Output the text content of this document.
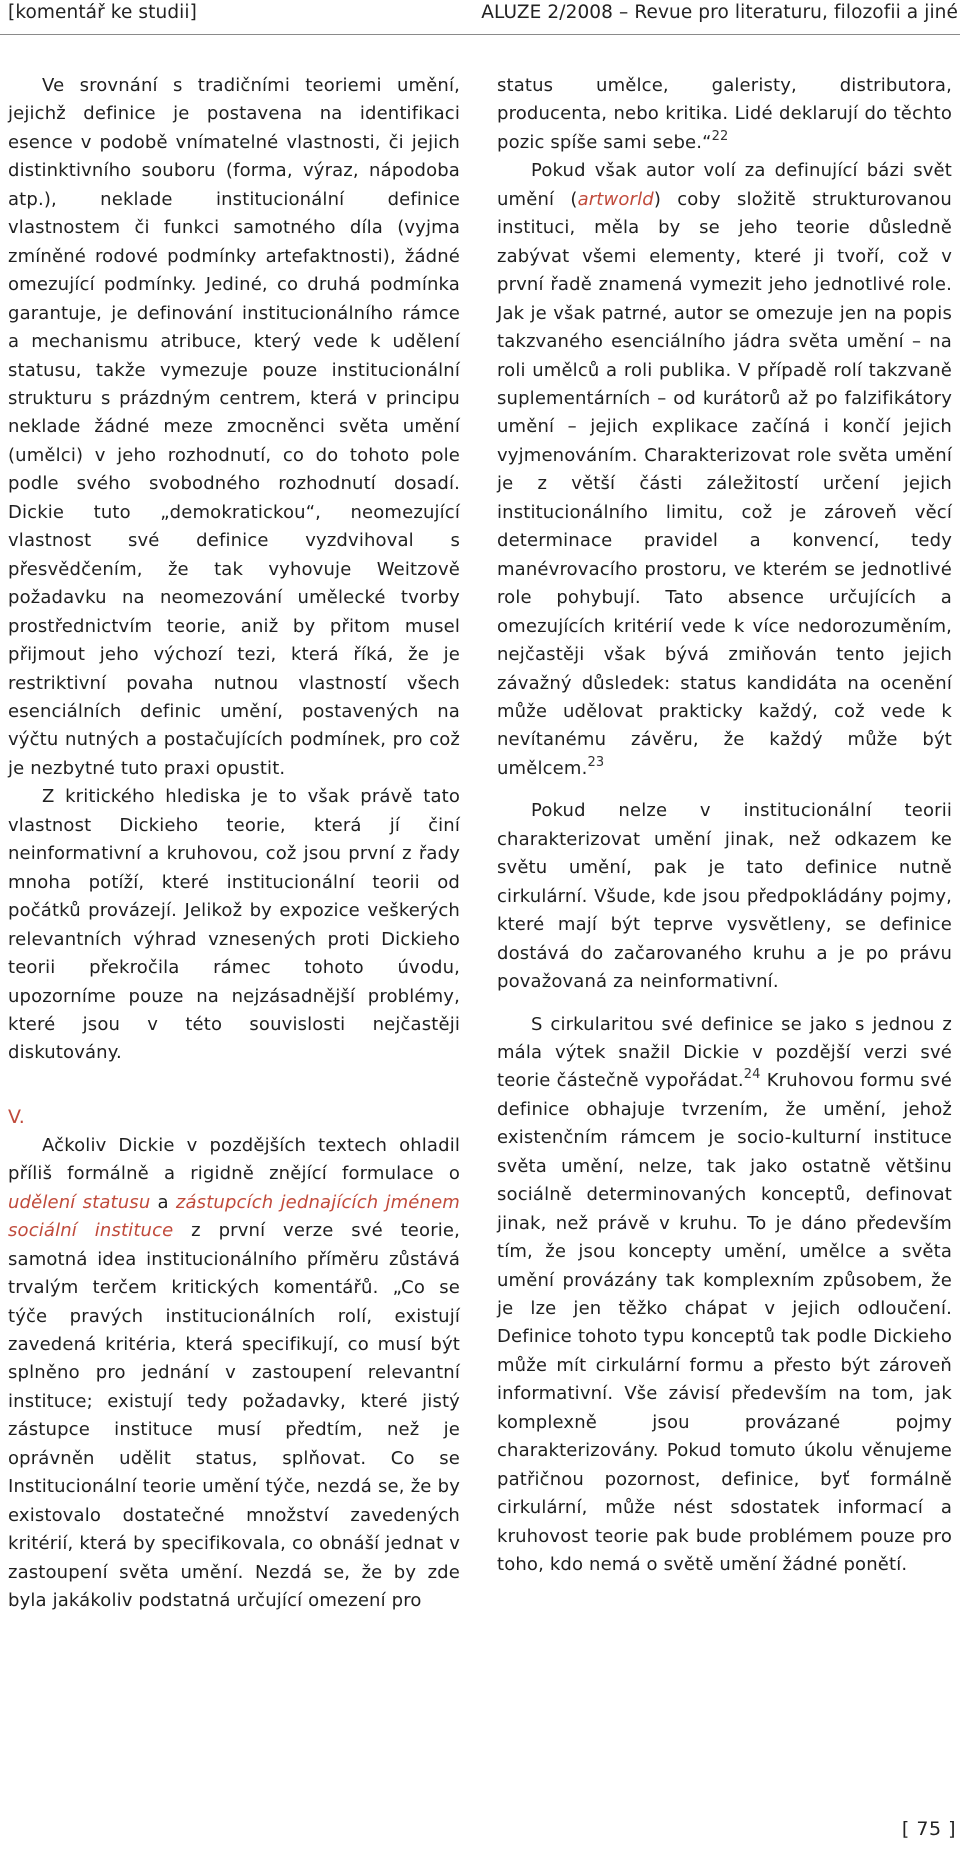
[komentář ke studii]	ALUZE 2/2008 – Revue pro literaturu, filozofii a jiné

Ve srovnání s tradičními teoriemi umění, jejichž definice je postavena na identifikaci esence v podobě vnímatelné vlastnosti, či jejich distinktivního souboru (forma, výraz, nápodoba atp.), neklade institucionální definice vlastnostem či funkci samotného díla (vyjma zmíněné rodové podmínky artefaktnosti), žádné omezující podmínky. Jediné, co druhá podmínka garantuje, je definování institucionálního rámce a mechanismu atribuce, který vede k udělení statusu, takže vymezuje pouze institucionální strukturu s prázdným centrem, která v principu neklade žádné meze zmocněnci světa umění (umělci) v jeho rozhodnutí, co do tohoto pole podle svého svobodného rozhodnutí dosadí. Dickie tuto „demokratickou“, neomezující vlastnost své definice vyzdvihoval s přesvědčením, že tak vyhovuje Weitzově požadavku na neomezování umělecké tvorby prostřednictvím teorie, aniž by přitom musel přijmout jeho výchozí tezi, která říká, že je restriktivní povaha nutnou vlastností všech esenciálních definic umění, postavených na výčtu nutných a postačujících podmínek, pro což je nezbytné tuto praxi opustit.

Z kritického hlediska je to však právě tato vlastnost Dickieho teorie, která jí činí neinformativní a kruhovou, což jsou první z řady mnoha potíží, které institucionální teorii od počátků provázejí. Jelikož by expozice veškerých relevantních výhrad vznesených proti Dickieho teorii překročila rámec tohoto úvodu, upozorníme pouze na nejzásadnější problémy, které jsou v této souvislosti nejčastěji diskutovány.

V.

Ačkoliv Dickie v pozdějších textech ohladil příliš formálně a rigidně znějící formulace o udělení statusu a zástupcích jednajících jménem sociální instituce z první verze své teorie, samotná idea institucionálního příměru zůstává trvalým terčem kritických komentářů. „Co se týče pravých institucionálních rolí, existují zavedená kritéria, která specifikují, co musí být splněno pro jednání v zastoupení relevantní instituce; existují tedy požadavky, které jistý zástupce instituce musí předtím, než je oprávněn udělit status, splňovat. Co se Institucionální teorie umění týče, nezdá se, že by existovalo dostatečné množství zavedených kritérií, která by specifikovala, co obnáší jednat v zastoupení světa umění. Nezdá se, že by zde byla jakákoliv podstatná určující omezení pro

status umělce, galeristy, distributora, producenta, nebo kritika. Lidé deklarují do těchto pozic spíše sami sebe.“$^{22}$

Pokud však autor volí za definující bázi svět umění (artworld) coby složitě strukturovanou instituci, měla by se jeho teorie důsledně zabývat všemi elementy, které ji tvoří, což v první řadě znamená vymezit jeho jednotlivé role. Jak je však patrné, autor se omezuje jen na popis takzvaného esenciálního jádra světa umění – na roli umělců a roli publika. V případě rolí takzvaně suplementárních – od kurátorů až po falzifikátory umění – jejich explikace začíná i končí jejich vyjmenováním. Charakterizovat role světa umění je z větší části záležitostí určení jejich institucionálního limitu, což je zároveň věcí determinace pravidel a konvencí, tedy manévrovacího prostoru, ve kterém se jednotlivé role pohybují. Tato absence určujících a omezujících kritérií vede k více nedorozuměním, nejčastěji však bývá zmiňován tento jejich závažný důsledek: status kandidáta na ocenění může udělovat prakticky každý, což vede k nevítanému závěru, že každý může být umělcem.$^{23}$

Pokud nelze v institucionální teorii charakterizovat umění jinak, než odkazem ke světu umění, pak je tato definice nutně cirkulární. Všude, kde jsou předpokládány pojmy, které mají být teprve vysvětleny, se definice dostává do začarovaného kruhu a je po právu považovaná za neinformativní.

S cirkularitou své definice se jako s jednou z mála výtek snažil Dickie v pozdější verzi své teorie částečně vypořádat.$^{24}$ Kruhovou formu své definice obhajuje tvrzením, že umění, jehož existenčním rámcem je socio-kulturní instituce světa umění, nelze, tak jako ostatně většinu sociálně determinovaných konceptů, definovat jinak, než právě v kruhu. To je dáno především tím, že jsou koncepty umění, umělce a světa umění provázány tak komplexním způsobem, že je lze jen těžko chápat v jejich odloučení. Definice tohoto typu konceptů tak podle Dickieho může mít cirkulární formu a přesto být zároveň informativní. Vše závisí především na tom, jak komplexně jsou provázané pojmy charakterizovány. Pokud tomuto úkolu věnujeme patřičnou pozornost, definice, byť formálně cirkulární, může nést sdostatek informací a kruhovost teorie pak bude problémem pouze pro toho, kdo nemá o světě umění žádné ponětí.

[ 75 ]
